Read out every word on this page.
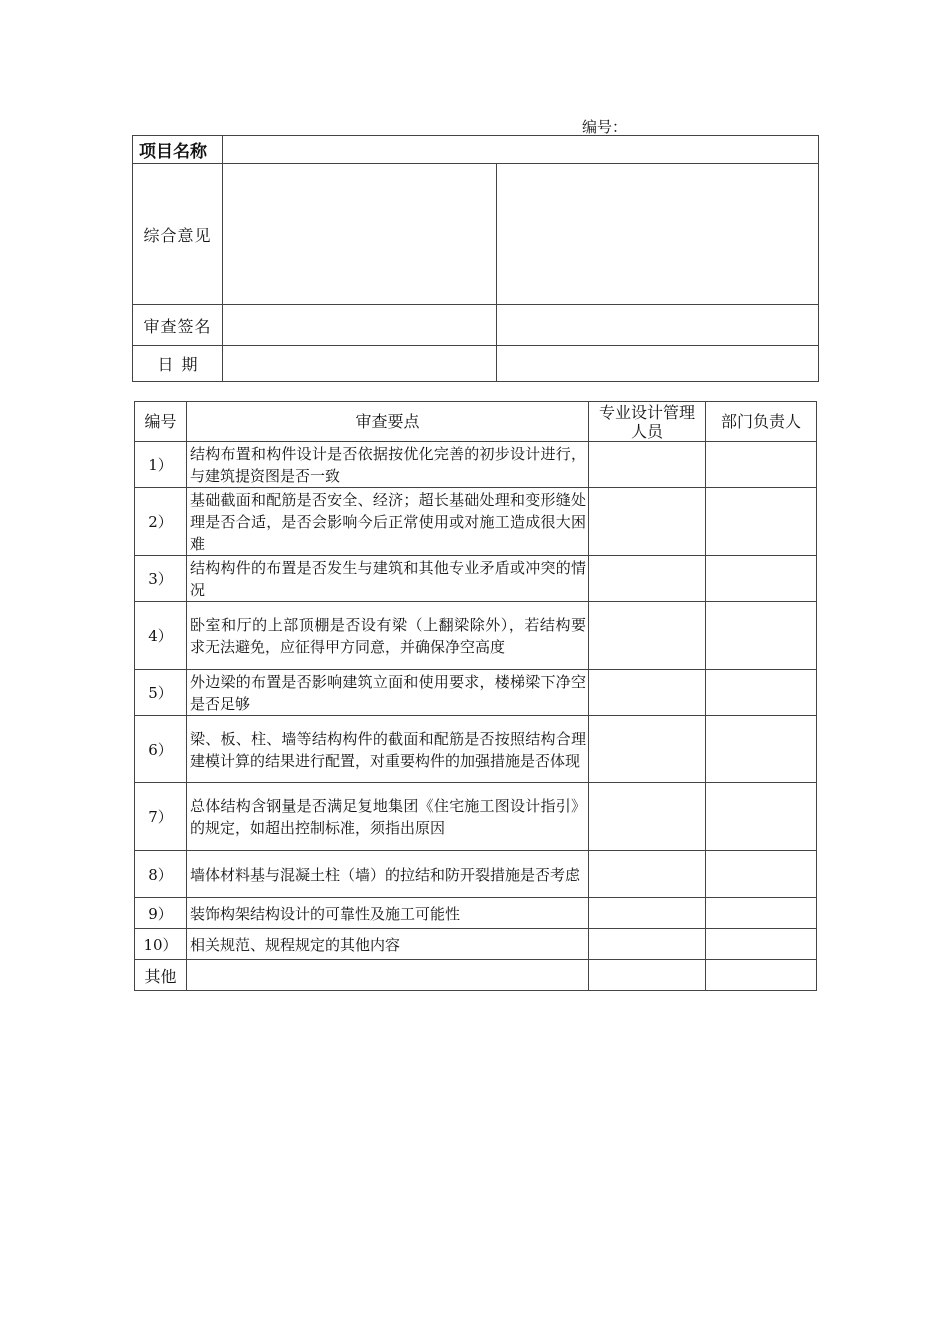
编号：
项目名称		
综合意见		
审查签名		
日期		
编号	审查要点	专业设计管理人员	部门负责人
1）	结构布置和构件设计是否依据按优化完善的初步设计进行，与建筑提资图是否一致		
2）	基础截面和配筋是否安全、经济；超长基础处理和变形缝处理是否合适，是否会影响今后正常使用或对施工造成很大困难		
3）	结构构件的布置是否发生与建筑和其他专业矛盾或冲突的情况		
4）	卧室和厅的上部顶棚是否设有梁（上翻梁除外），若结构要求无法避免，应征得甲方同意，并确保净空高度		
5）	外边梁的布置是否影响建筑立面和使用要求，楼梯梁下净空是否足够		
6）	梁、板、柱、墙等结构构件的截面和配筋是否按照结构合理建模计算的结果进行配置，对重要构件的加强措施是否体现		
7）	总体结构含钢量是否满足复地集团《住宅施工图设计指引》的规定，如超出控制标准，须指出原因		
8）	墙体材料基与混凝土柱（墙）的拉结和防开裂措施是否考虑		
9）	装饰构架结构设计的可靠性及施工可能性		
10）	相关规范、规程规定的其他内容		
其他			
